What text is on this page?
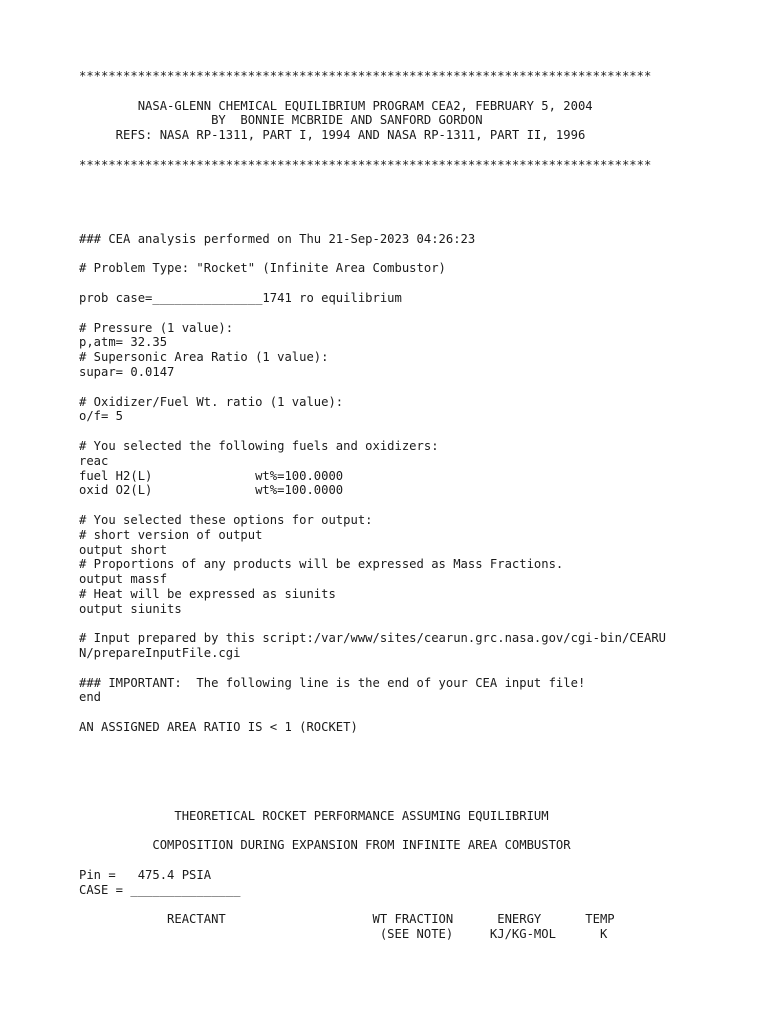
******************************************************************************
NASA-GLENN CHEMICAL EQUILIBRIUM PROGRAM CEA2, FEBRUARY 5, 2004
BY  BONNIE MCBRIDE AND SANFORD GORDON
REFS: NASA RP-1311, PART I, 1994 AND NASA RP-1311, PART II, 1996
******************************************************************************
### CEA analysis performed on Thu 21-Sep-2023 04:26:23
# Problem Type: "Rocket" (Infinite Area Combustor)
prob case=_______________1741 ro equilibrium
# Pressure (1 value):
p,atm= 32.35
# Supersonic Area Ratio (1 value):
supar= 0.0147
# Oxidizer/Fuel Wt. ratio (1 value):
o/f= 5
# You selected the following fuels and oxidizers:
reac
fuel H2(L)              wt%=100.0000
oxid O2(L)              wt%=100.0000
# You selected these options for output:
# short version of output
output short
# Proportions of any products will be expressed as Mass Fractions.
output massf
# Heat will be expressed as siunits
output siunits
# Input prepared by this script:/var/www/sites/cearun.grc.nasa.gov/cgi-bin/CEARU
N/prepareInputFile.cgi
### IMPORTANT:  The following line is the end of your CEA input file!
end
AN ASSIGNED AREA RATIO IS < 1 (ROCKET)
THEORETICAL ROCKET PERFORMANCE ASSUMING EQUILIBRIUM
COMPOSITION DURING EXPANSION FROM INFINITE AREA COMBUSTOR
Pin =   475.4 PSIA
CASE = _______________
REACTANT                    WT FRACTION      ENERGY      TEMP
(SEE NOTE)     KJ/KG-MOL      K
